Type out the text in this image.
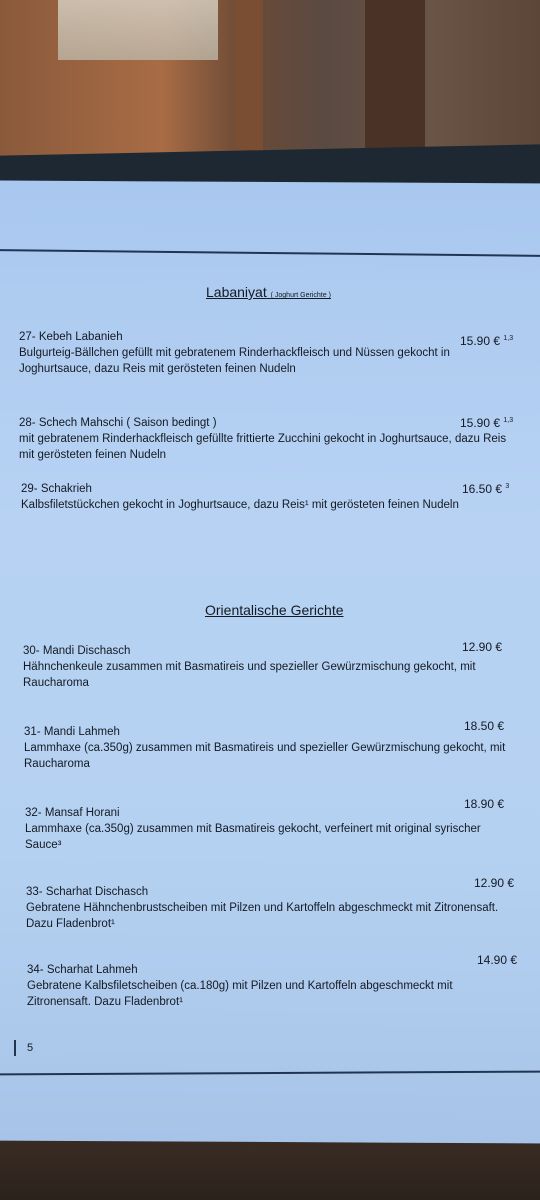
Labaniyat ( Joghurt Gerichte )
27- Kebeh Labanieh
Bulgurteig-Bällchen gefüllt mit gebratenem Rinderhackfleisch und Nüssen gekocht in Joghurtsauce, dazu Reis mit gerösteten feinen Nudeln
15.90 € $^{1,3}$
28- Schech Mahschi ( Saison bedingt )
mit gebratenem Rinderhackfleisch gefüllte frittierte Zucchini gekocht in Joghurtsauce, dazu Reis mit gerösteten feinen Nudeln
15.90 € $^{1,3}$
29- Schakrieh
Kalbsfiletstückchen gekocht in Joghurtsauce, dazu Reis¹ mit gerösteten feinen Nudeln
16.50 € $^3$
Orientalische Gerichte
30- Mandi Dischasch
Hähnchenkeule zusammen mit Basmatireis und spezieller Gewürzmischung gekocht, mit Raucharoma
12.90 €
31- Mandi Lahmeh
Lammhaxe (ca.350g) zusammen mit Basmatireis und spezieller Gewürzmischung gekocht, mit Raucharoma
18.50 €
32- Mansaf Horani
Lammhaxe (ca.350g) zusammen mit Basmatireis gekocht, verfeinert mit original syrischer Sauce³
18.90 €
33- Scharhat Dischasch
Gebratene Hähnchenbrustscheiben mit Pilzen und Kartoffeln abgeschmeckt mit Zitronensaft. Dazu Fladenbrot¹
12.90 €
34- Scharhat Lahmeh
Gebratene Kalbsfiletscheiben (ca.180g) mit Pilzen und Kartoffeln abgeschmeckt mit Zitronensaft. Dazu Fladenbrot¹
14.90 €
5
